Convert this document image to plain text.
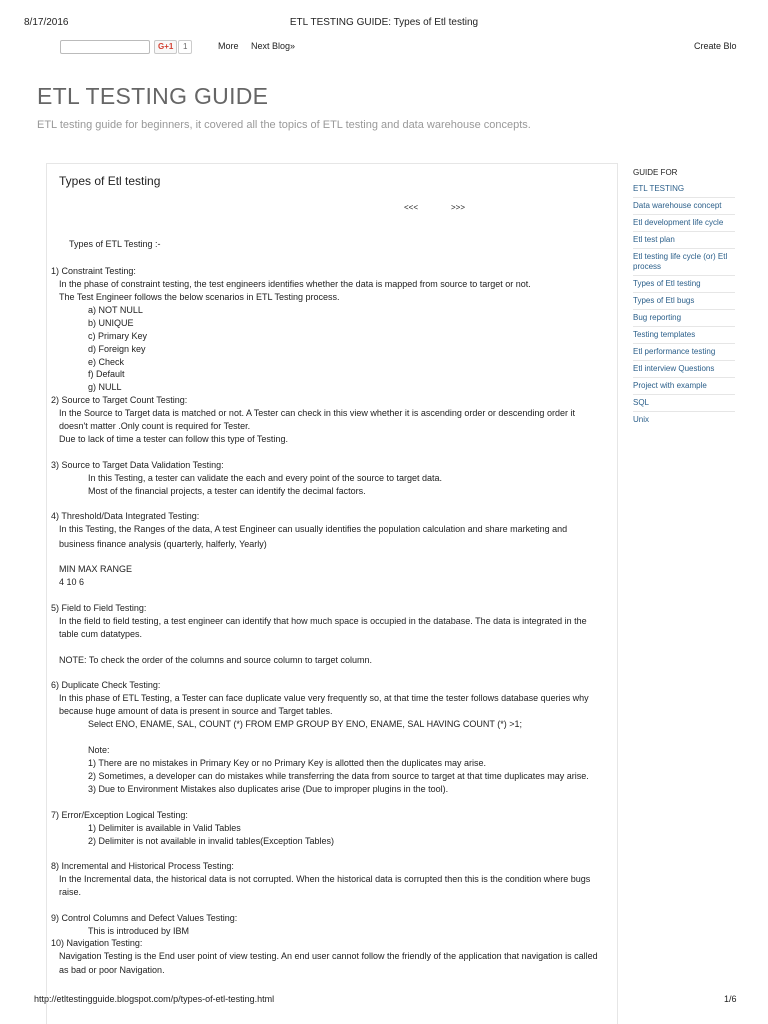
8/17/2016	ETL TESTING GUIDE: Types of Etl testing
G+1	1	More Next Blog»	Create Blo
ETL TESTING GUIDE
ETL testing guide for beginners, it covered all the topics of ETL testing and data warehouse concepts.
Types of Etl testing
<<<	>>>
Types of ETL Testing :-
1) Constraint Testing:
In the phase of constraint testing, the test engineers identifies whether the data is mapped from source to target or not.
The Test Engineer follows the below scenarios in ETL Testing process.
a) NOT NULL
b) UNIQUE
c) Primary Key
d) Foreign key
e) Check
f) Default
g) NULL
2) Source to Target Count Testing:
In the Source to Target data is matched or not. A Tester can check in this view whether it is ascending order or descending order it
doesn't matter .Only count is required for Tester.
Due to lack of time a tester can follow this type of Testing.
3) Source to Target Data Validation Testing:
In this Testing, a tester can validate the each and every point of the source to target data.
Most of the financial projects, a tester can identify the decimal factors.
4) Threshold/Data Integrated Testing:
In this Testing, the Ranges of the data, A test Engineer can usually identifies the population calculation and share marketing and
business finance analysis (quarterly, halferly, Yearly)
MIN MAX RANGE
4 10 6
5) Field to Field Testing:
In the field to field testing, a test engineer can identify that how much space is occupied in the database. The data is integrated in the
table cum datatypes.
NOTE: To check the order of the columns and source column to target column.
6) Duplicate Check Testing:
In this phase of ETL Testing, a Tester can face duplicate value very frequently so, at that time the tester follows database queries why
because huge amount of data is present in source and Target tables.
Select ENO, ENAME, SAL, COUNT (*) FROM EMP GROUP BY ENO, ENAME, SAL HAVING COUNT (*) >1;
Note:
1) There are no mistakes in Primary Key or no Primary Key is allotted then the duplicates may arise.
2) Sometimes, a developer can do mistakes while transferring the data from source to target at that time duplicates may arise.
3) Due to Environment Mistakes also duplicates arise (Due to improper plugins in the tool).
7) Error/Exception Logical Testing:
1) Delimiter is available in Valid Tables
2) Delimiter is not available in invalid tables(Exception Tables)
8) Incremental and Historical Process Testing:
In the Incremental data, the historical data is not corrupted. When the historical data is corrupted then this is the condition where bugs
raise.
9) Control Columns and Defect Values Testing:
This is introduced by IBM
10) Navigation Testing:
Navigation Testing is the End user point of view testing. An end user cannot follow the friendly of the application that navigation is called
as bad or poor Navigation.
GUIDE FOR
ETL TESTING
Data warehouse concept
Etl development life cycle
Etl test plan
Etl testing life cycle (or) Etl process
Types of Etl testing
Types of Etl bugs
Bug reporting
Testing templates
Etl performance testing
Etl interview Questions
Project with example
SQL
Unix
http://etltestingguide.blogspot.com/p/types-of-etl-testing.html	1/6
